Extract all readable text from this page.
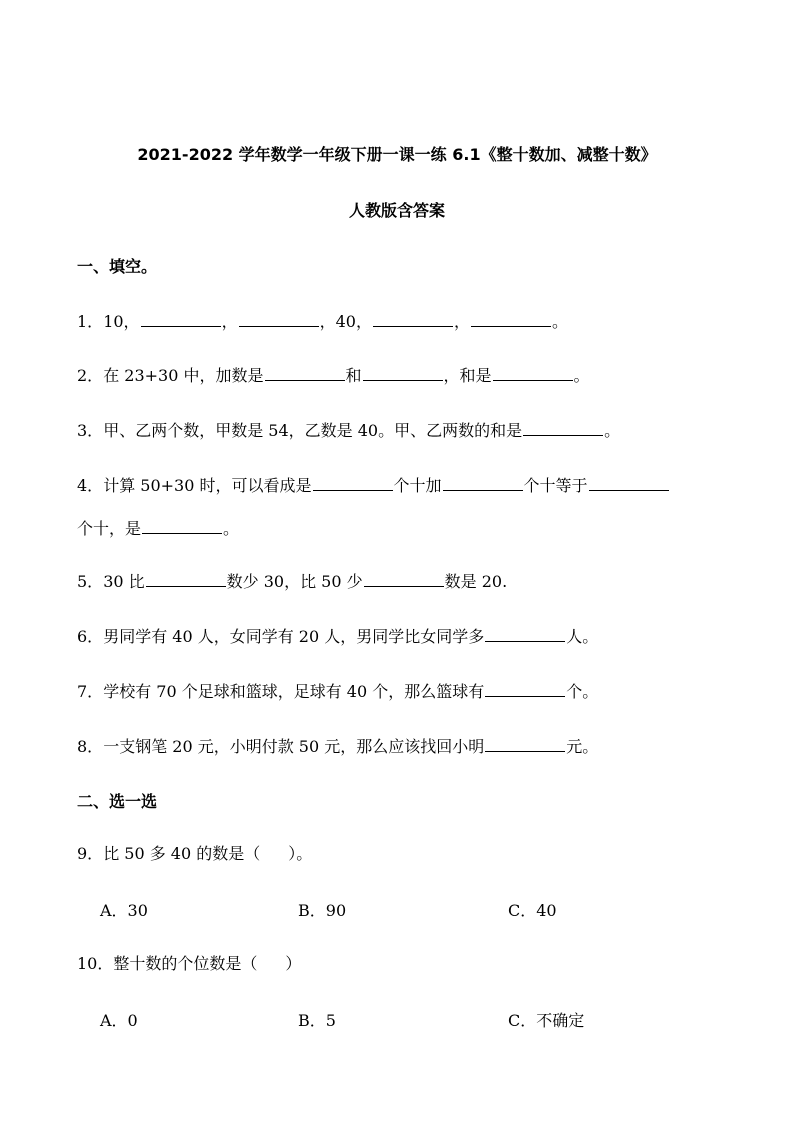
2021-2022 学年数学一年级下册一课一练 6.1《整十数加、减整十数》
人教版含答案
一、填空。
1．10，	，	，40，	，	。
2．在 23+30 中，加数是	和	，和是	。
3．甲、乙两个数，甲数是 54，乙数是 40。甲、乙两数的和是	。
4．计算 50+30 时，可以看成是	个十加	个十等于
个十，是	。
5．30 比	数少 30，比 50 少	数是 20.
6．男同学有 40 人，女同学有 20 人，男同学比女同学多	人。
7．学校有 70 个足球和篮球，足球有 40 个，那么篮球有	个。
8．一支钢笔 20 元，小明付款 50 元，那么应该找回小明	元。
二、选一选
9．比 50 多 40 的数是（ ）。
A．30	B．90	C．40
10．整十数的个位数是（ ）
A．0	B．5	C．不确定
